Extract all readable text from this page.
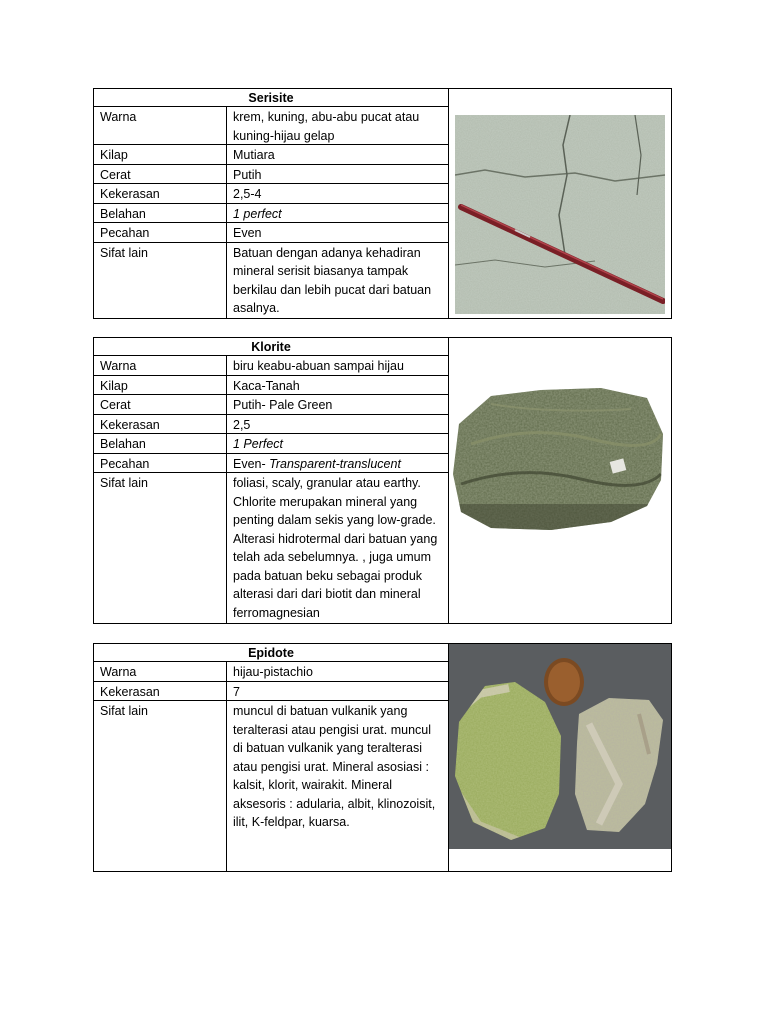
Serisite
Warna	krem, kuning, abu-abu pucat atau kuning-hijau gelap
Kilap	Mutiara
Cerat	Putih
Kekerasan	2,5-4
Belahan	1 perfect
Pecahan	Even
Sifat lain	Batuan dengan adanya kehadiran mineral serisit biasanya tampak berkilau dan lebih pucat dari batuan asalnya.
Klorite
Warna	biru keabu-abuan sampai hijau
Kilap	Kaca-Tanah
Cerat	Putih- Pale Green
Kekerasan	2,5
Belahan	1 Perfect
Pecahan	Even- Transparent-translucent
Sifat lain	foliasi, scaly, granular atau earthy. Chlorite merupakan mineral yang penting dalam sekis yang low-grade. Alterasi hidrotermal dari batuan yang telah ada sebelumnya. , juga umum pada batuan beku sebagai produk alterasi dari dari biotit dan mineral ferromagnesian
Epidote
Warna	hijau-pistachio
Kekerasan	7
Sifat lain	muncul di batuan vulkanik yang teralterasi atau pengisi urat. muncul di batuan vulkanik yang teralterasi atau pengisi urat. Mineral asosiasi : kalsit, klorit, wairakit. Mineral aksesoris : adularia, albit, klinozoisit, ilit, K-feldpar, kuarsa.
